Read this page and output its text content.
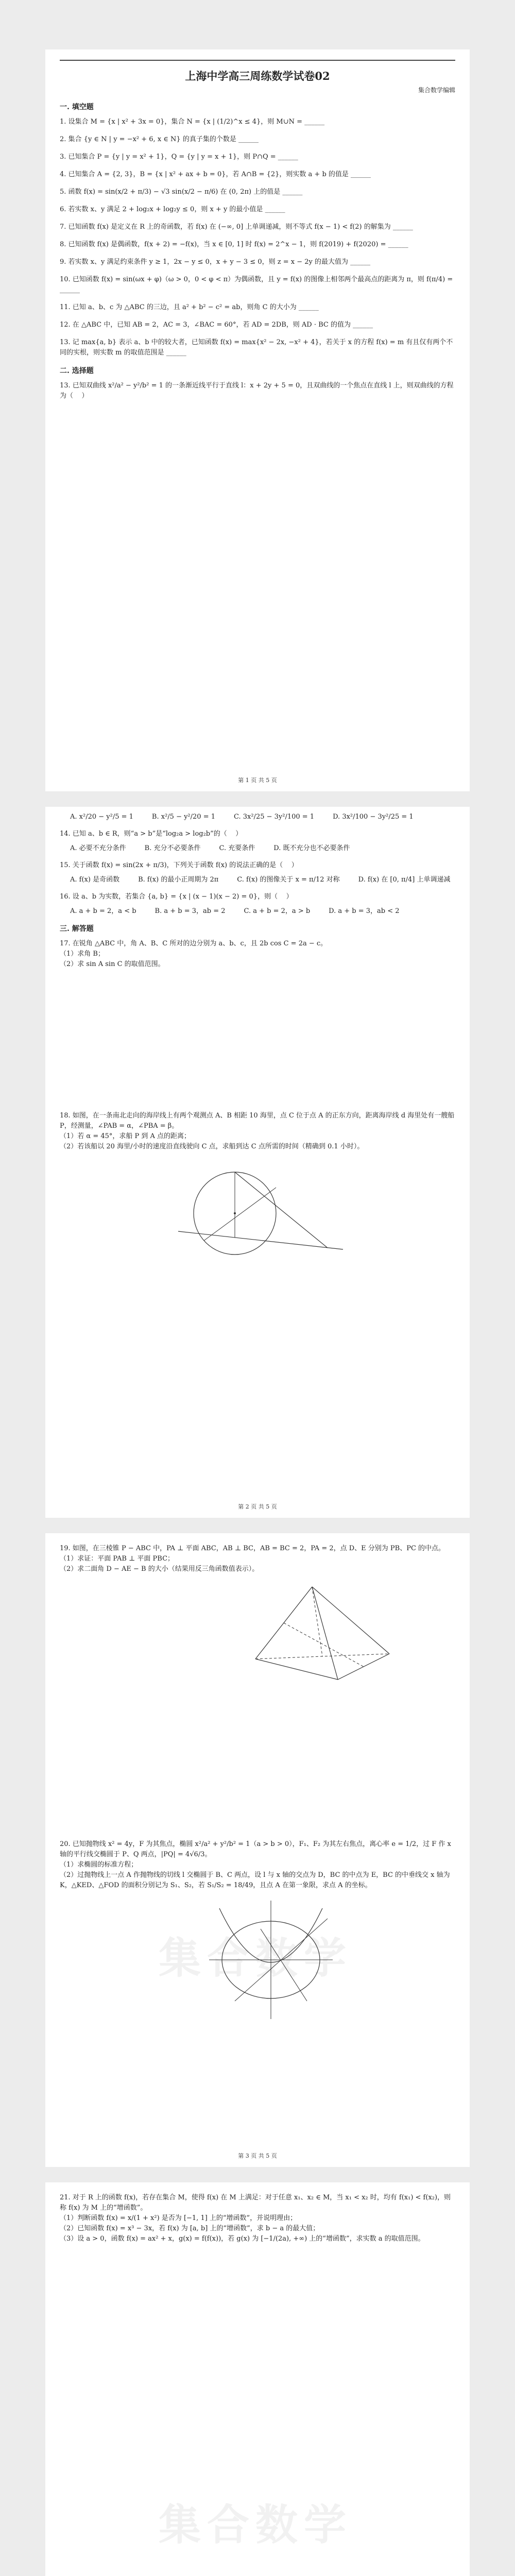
上海中学高三周练数学试卷02
集合数学编辑
一. 填空题
1. 设集合 M = {x | x² + 3x = 0}，集合 N = {x | (1/2)^x ≤ 4}，则 M∪N = ______
2. 集合 {y ∈ N | y = −x² + 6, x ∈ N} 的真子集的个数是 ______
3. 已知集合 P = {y | y = x² + 1}，Q = {y | y = x + 1}，则 P∩Q = ______
4. 已知集合 A = {2, 3}，B = {x | x² + ax + b = 0}，若 A∩B = {2}，则实数 a + b 的值是 ______
5. 函数 f(x) = sin(x/2 + π/3) − √3 sin(x/2 − π/6) 在 (0, 2π) 上的值是 ______
6. 若实数 x、y 满足 2 + log₂x + log₂y ≤ 0，则 x + y 的最小值是 ______
7. 已知函数 f(x) 是定义在 R 上的奇函数，若 f(x) 在 (−∞, 0] 上单调递减，则不等式 f(x − 1) < f(2) 的解集为 ______
8. 已知函数 f(x) 是偶函数，f(x + 2) = −f(x)，当 x ∈ [0, 1] 时 f(x) = 2^x − 1，则 f(2019) + f(2020) = ______
9. 若实数 x、y 满足约束条件 y ≥ 1，2x − y ≤ 0，x + y − 3 ≤ 0，则 z = x − 2y 的最大值为 ______
10. 已知函数 f(x) = sin(ωx + φ)（ω > 0，0 < φ < π）为偶函数，且 y = f(x) 的图像上相邻两个最高点的距离为 π，则 f(π/4) = ______
11. 已知 a、b、c 为 △ABC 的三边，且 a² + b² − c² = ab，则角 C 的大小为 ______
12. 在 △ABC 中，已知 AB = 2，AC = 3，∠BAC = 60°，若 AD = 2DB，则 AD · BC 的值为 ______
13. 记 max{a, b} 表示 a、b 中的较大者，已知函数 f(x) = max{x² − 2x, −x² + 4}，若关于 x 的方程 f(x) = m 有且仅有两个不同的实根，则实数 m 的取值范围是 ______
二. 选择题
13. 已知双曲线 x²/a² − y²/b² = 1 的一条渐近线平行于直线 l：x + 2y + 5 = 0，且双曲线的一个焦点在直线 l 上，则双曲线的方程为（    ）
第 1 页 共 5 页
A. x²/20 − y²/5 = 1	B. x²/5 − y²/20 = 1	C. 3x²/25 − 3y²/100 = 1	D. 3x²/100 − 3y²/25 = 1
14. 已知 a、b ∈ R，则“a > b”是“log₂a > log₂b”的（    ）
A. 必要不充分条件	B. 充分不必要条件	C. 充要条件	D. 既不充分也不必要条件
15. 关于函数 f(x) = sin(2x + π/3)，下列关于函数 f(x) 的说法正确的是（    ）
A. f(x) 是奇函数	B. f(x) 的最小正周期为 2π	C. f(x) 的图像关于 x = π/12 对称	D. f(x) 在 [0, π/4] 上单调递减
16. 设 a、b 为实数，若集合 {a, b} = {x | (x − 1)(x − 2) = 0}，则（    ）
A. a + b = 2，a < b	B. a + b = 3，ab = 2	C. a + b = 2，a > b	D. a + b = 3，ab < 2
三. 解答题
17. 在锐角 △ABC 中，角 A、B、C 所对的边分别为 a、b、c，且 2b cos C = 2a − c。
（1）求角 B；
（2）求 sin A sin C 的取值范围。
18. 如图，在一条南北走向的海岸线上有两个观测点 A、B 相距 10 海里，点 C 位于点 A 的正东方向，距离海岸线 d 海里处有一艘船 P，经测量，∠PAB = α，∠PBA = β。
（1）若 α = 45°，求船 P 到 A 点的距离；
（2）若该船以 20 海里/小时的速度沿直线驶向 C 点，求船到达 C 点所需的时间（精确到 0.1 小时）。
第 2 页 共 5 页
集合数学
19. 如图，在三棱锥 P − ABC 中，PA ⊥ 平面 ABC，AB ⊥ BC，AB = BC = 2，PA = 2，点 D、E 分别为 PB、PC 的中点。
（1）求证：平面 PAB ⊥ 平面 PBC；
（2）求二面角 D − AE − B 的大小（结果用反三角函数值表示）。
20. 已知抛物线 x² = 4y，F 为其焦点，椭圆 x²/a² + y²/b² = 1（a > b > 0），F₁、F₂ 为其左右焦点，离心率 e = 1/2，过 F 作 x 轴的平行线交椭圆于 P、Q 两点，|PQ| = 4√6/3。
（1）求椭圆的标准方程；
（2）过抛物线上一点 A 作抛物线的切线 l 交椭圆于 B、C 两点，设 l 与 x 轴的交点为 D，BC 的中点为 E，BC 的中垂线交 x 轴为 K，△KED、△FOD 的面积分别记为 S₁、S₂，若 S₁/S₂ = 18/49，且点 A 在第一象限，求点 A 的坐标。
第 3 页 共 5 页
集合数学
21. 对于 R 上的函数 f(x)，若存在集合 M，使得 f(x) 在 M 上满足：对于任意 x₁、x₂ ∈ M，当 x₁ < x₂ 时，均有 f(x₁) < f(x₂)，则称 f(x) 为 M 上的“增函数”。
（1）判断函数 f(x) = x/(1 + x²) 是否为 [−1, 1] 上的“增函数”，并说明理由；
（2）已知函数 f(x) = x³ − 3x，若 f(x) 为 [a, b] 上的“增函数”，求 b − a 的最大值；
（3）设 a > 0，函数 f(x) = ax² + x，g(x) = f(f(x))，若 g(x) 为 [−1/(2a), +∞) 上的“增函数”，求实数 a 的取值范围。
